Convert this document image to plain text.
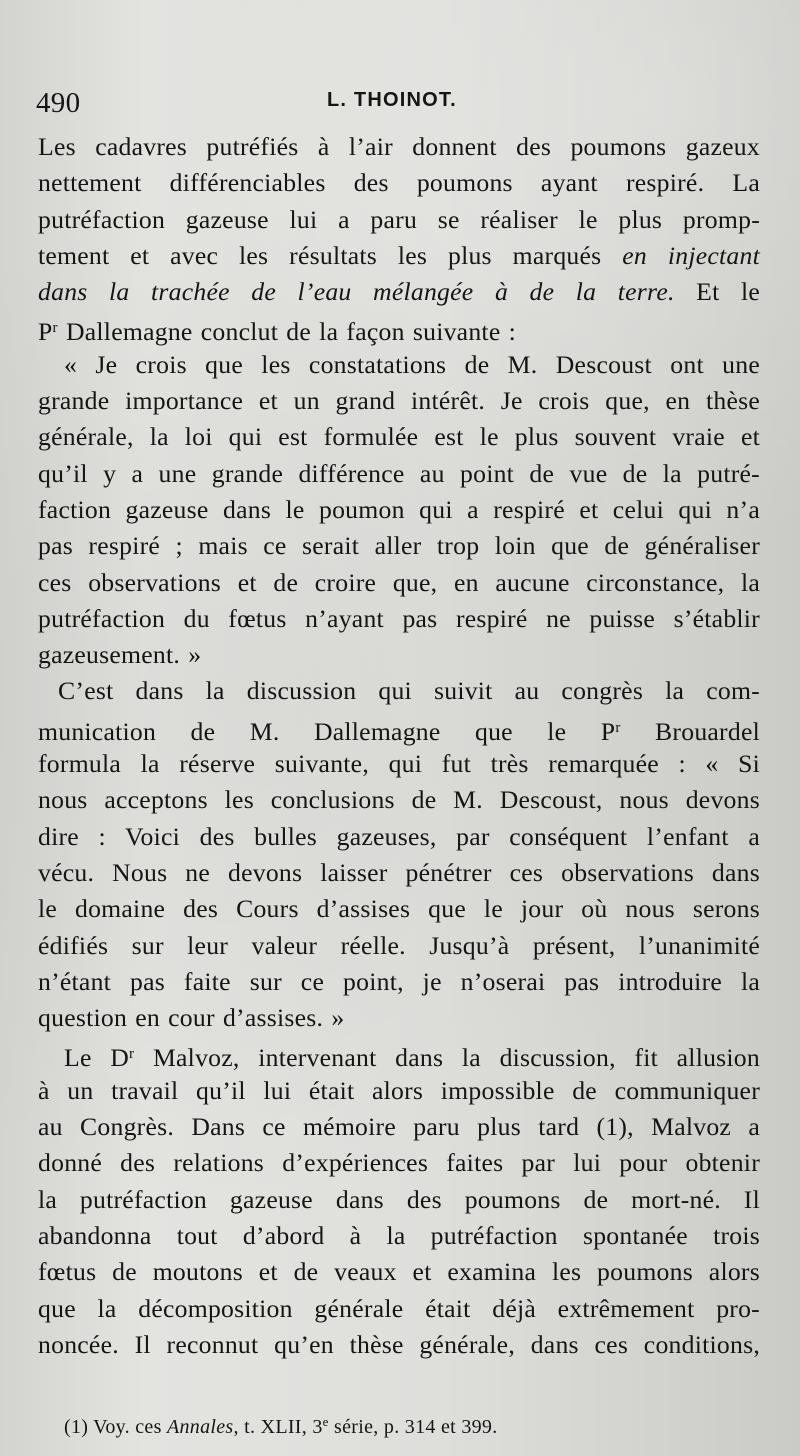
490	L. THOINOT.
Les cadavres putréfiés à l’air donnent des poumons gazeux
nettement différenciables des poumons ayant respiré. La
putréfaction gazeuse lui a paru se réaliser le plus promp-
tement et avec les résultats les plus marqués en injectant
dans la trachée de l’eau mélangée à de la terre. Et le
$P^r$ Dallemagne conclut de la façon suivante :
« Je crois que les constatations de M. Descoust ont une
grande importance et un grand intérêt. Je crois que, en thèse
générale, la loi qui est formulée est le plus souvent vraie et
qu’il y a une grande différence au point de vue de la putré-
faction gazeuse dans le poumon qui a respiré et celui qui n’a
pas respiré ; mais ce serait aller trop loin que de généraliser
ces observations et de croire que, en aucune circonstance, la
putréfaction du fœtus n’ayant pas respiré ne puisse s’établir
gazeusement. »
C’est dans la discussion qui suivit au congrès la com-
munication de M. Dallemagne que le $P^r$ Brouardel
formula la réserve suivante, qui fut très remarquée : « Si
nous acceptons les conclusions de M. Descoust, nous devons
dire : Voici des bulles gazeuses, par conséquent l’enfant a
vécu. Nous ne devons laisser pénétrer ces observations dans
le domaine des Cours d’assises que le jour où nous serons
édifiés sur leur valeur réelle. Jusqu’à présent, l’unanimité
n’étant pas faite sur ce point, je n’oserai pas introduire la
question en cour d’assises. »
Le $D^r$ Malvoz, intervenant dans la discussion, fit allusion
à un travail qu’il lui était alors impossible de communiquer
au Congrès. Dans ce mémoire paru plus tard (1), Malvoz a
donné des relations d’expériences faites par lui pour obtenir
la putréfaction gazeuse dans des poumons de mort-né. Il
abandonna tout d’abord à la putréfaction spontanée trois
fœtus de moutons et de veaux et examina les poumons alors
que la décomposition générale était déjà extrêmement pro-
noncée. Il reconnut qu’en thèse générale, dans ces conditions,
(1) Voy. ces Annales, t. XLII, 3e série, p. 314 et 399.
